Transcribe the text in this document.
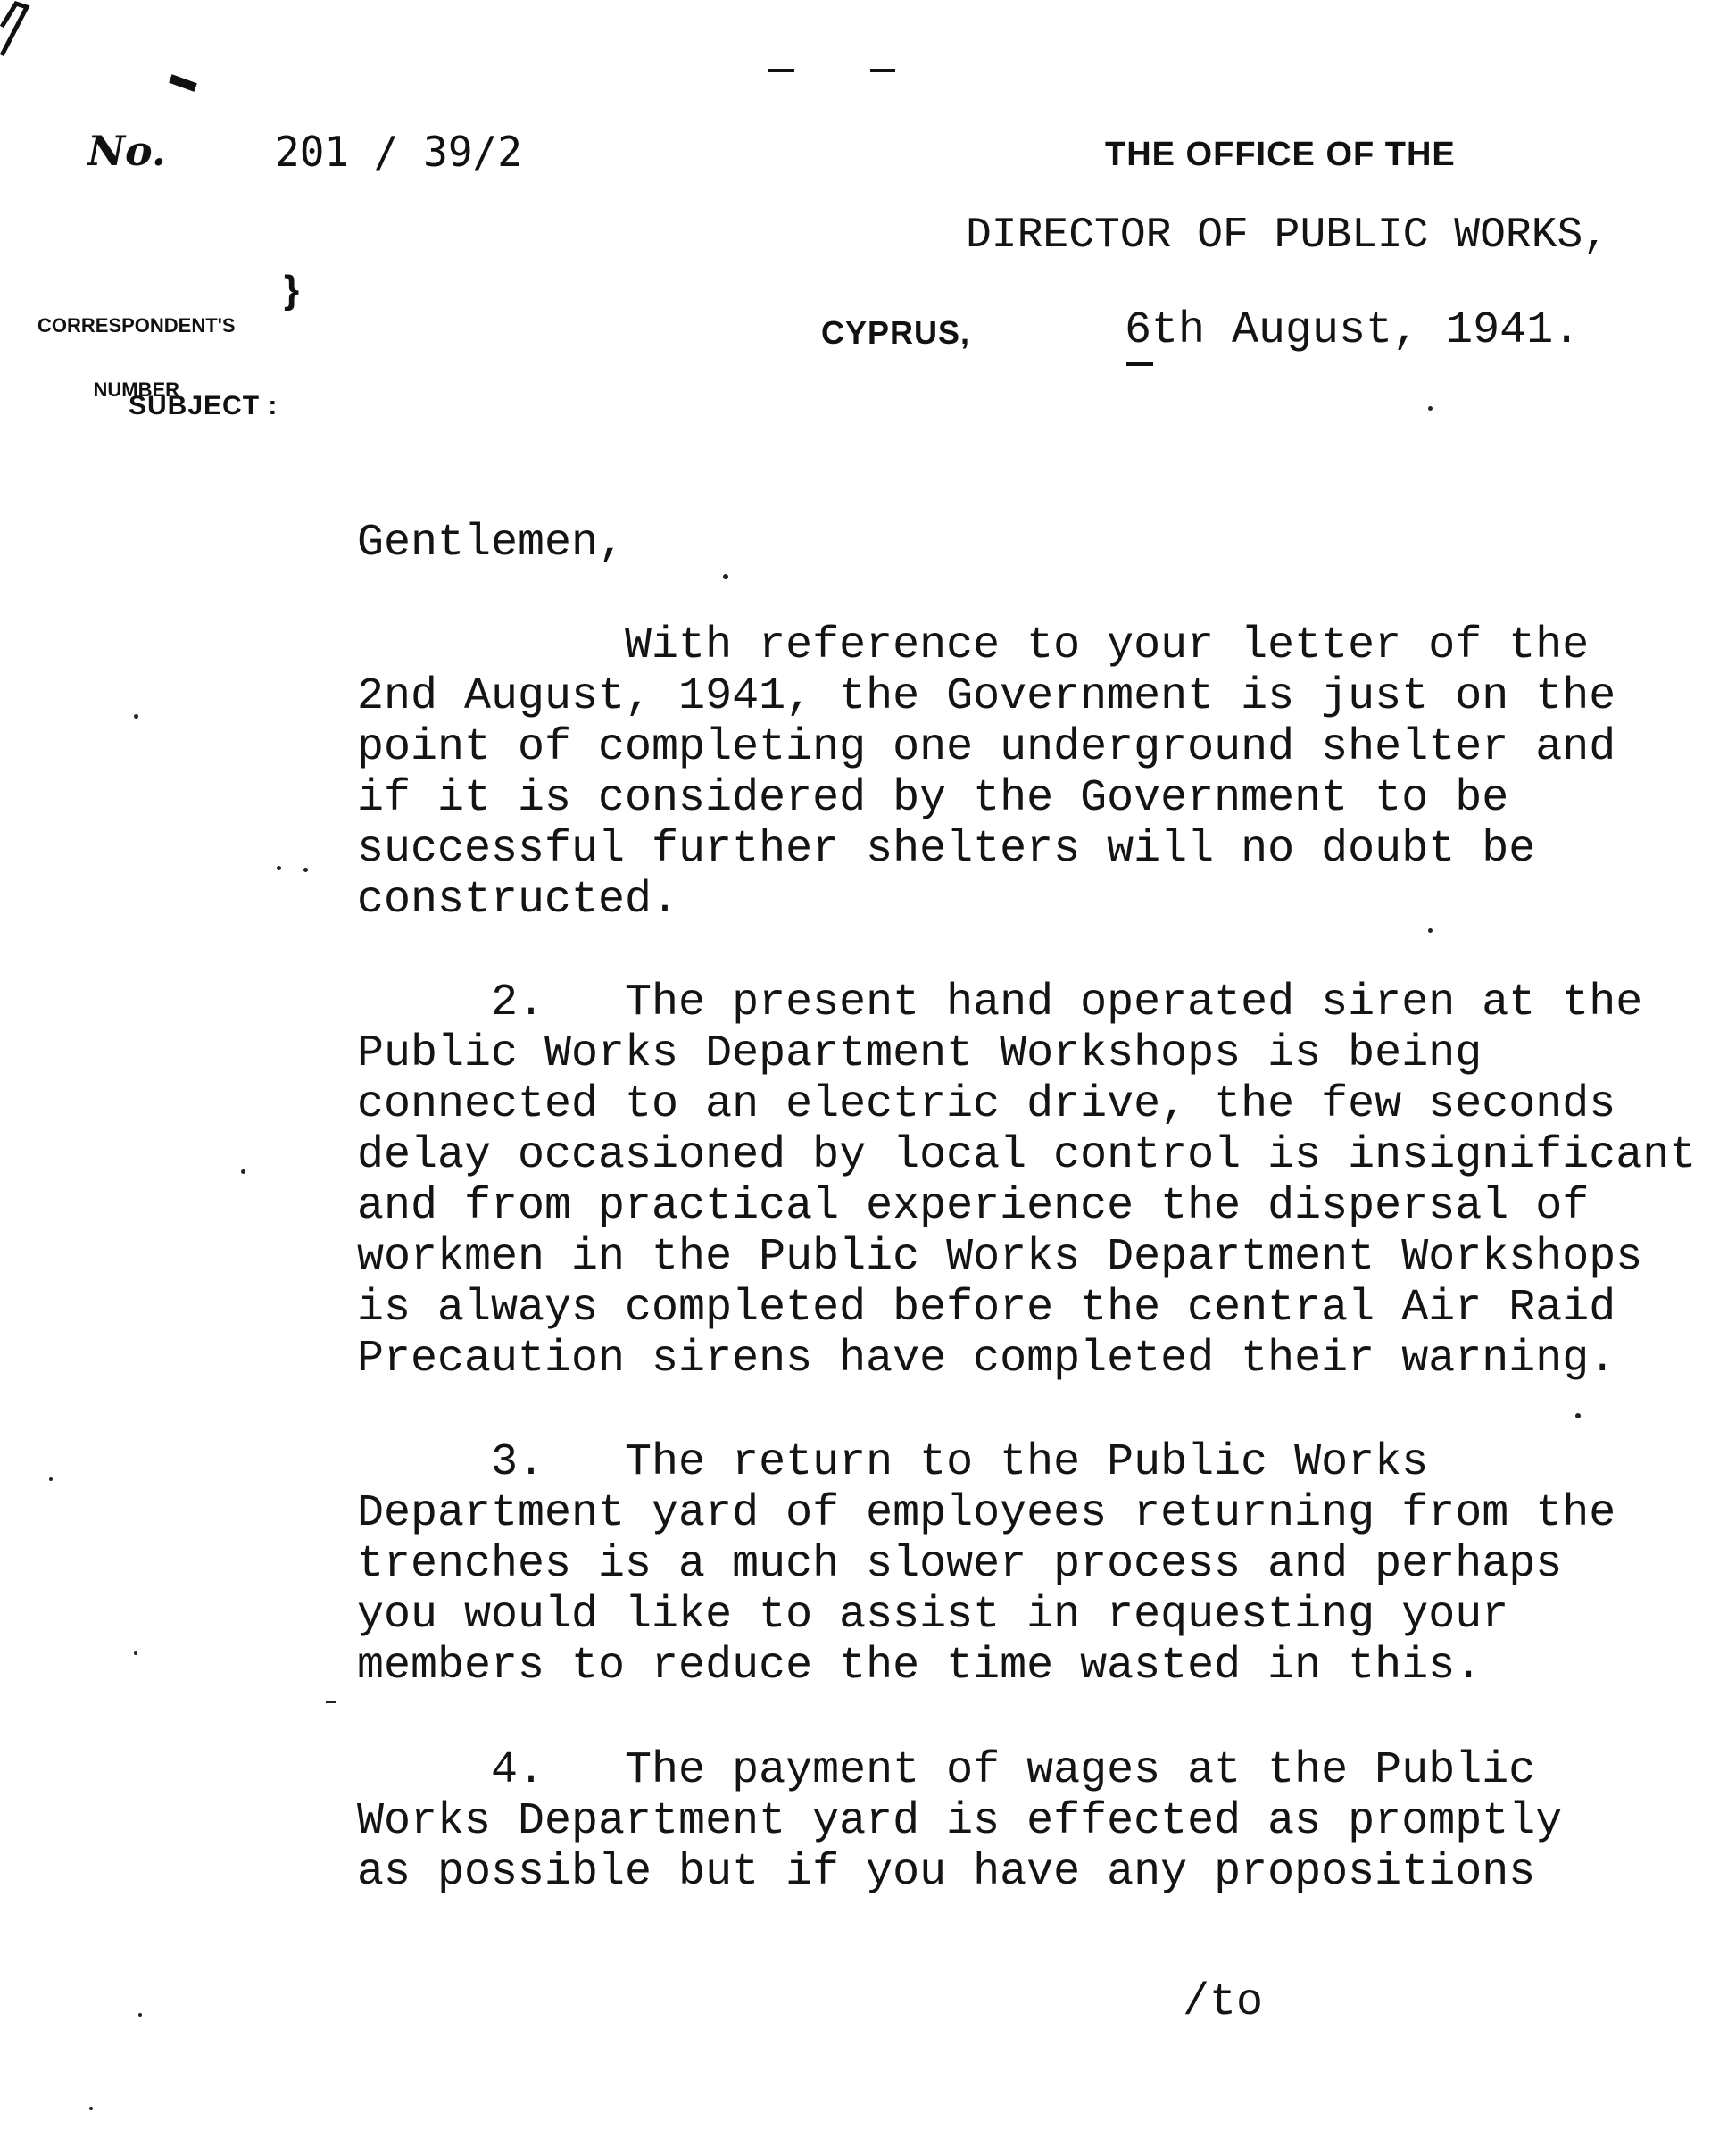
No.	201 / 39/2	THE OFFICE OF THE
DIRECTOR OF PUBLIC WORKS,

CORRESPONDENT'S

NUMBER

}
CYPRUS,	6th August, 1941.
SUBJECT :
Gentlemen,
With reference to your letter of the
2nd August, 1941, the Government is just on the
point of completing one underground shelter and
if it is considered by the Government to be
successful further shelters will no doubt be
constructed.
2.   The present hand operated siren at the
Public Works Department Workshops is being
connected to an electric drive, the few seconds
delay occasioned by local control is insignificant
and from practical experience the dispersal of
workmen in the Public Works Department Workshops
is always completed before the central Air Raid
Precaution sirens have completed their warning.
3.   The return to the Public Works
Department yard of employees returning from the
trenches is a much slower process and perhaps
you would like to assist in requesting your
members to reduce the time wasted in this.
4.   The payment of wages at the Public
Works Department yard is effected as promptly
as possible but if you have any propositions
/to
